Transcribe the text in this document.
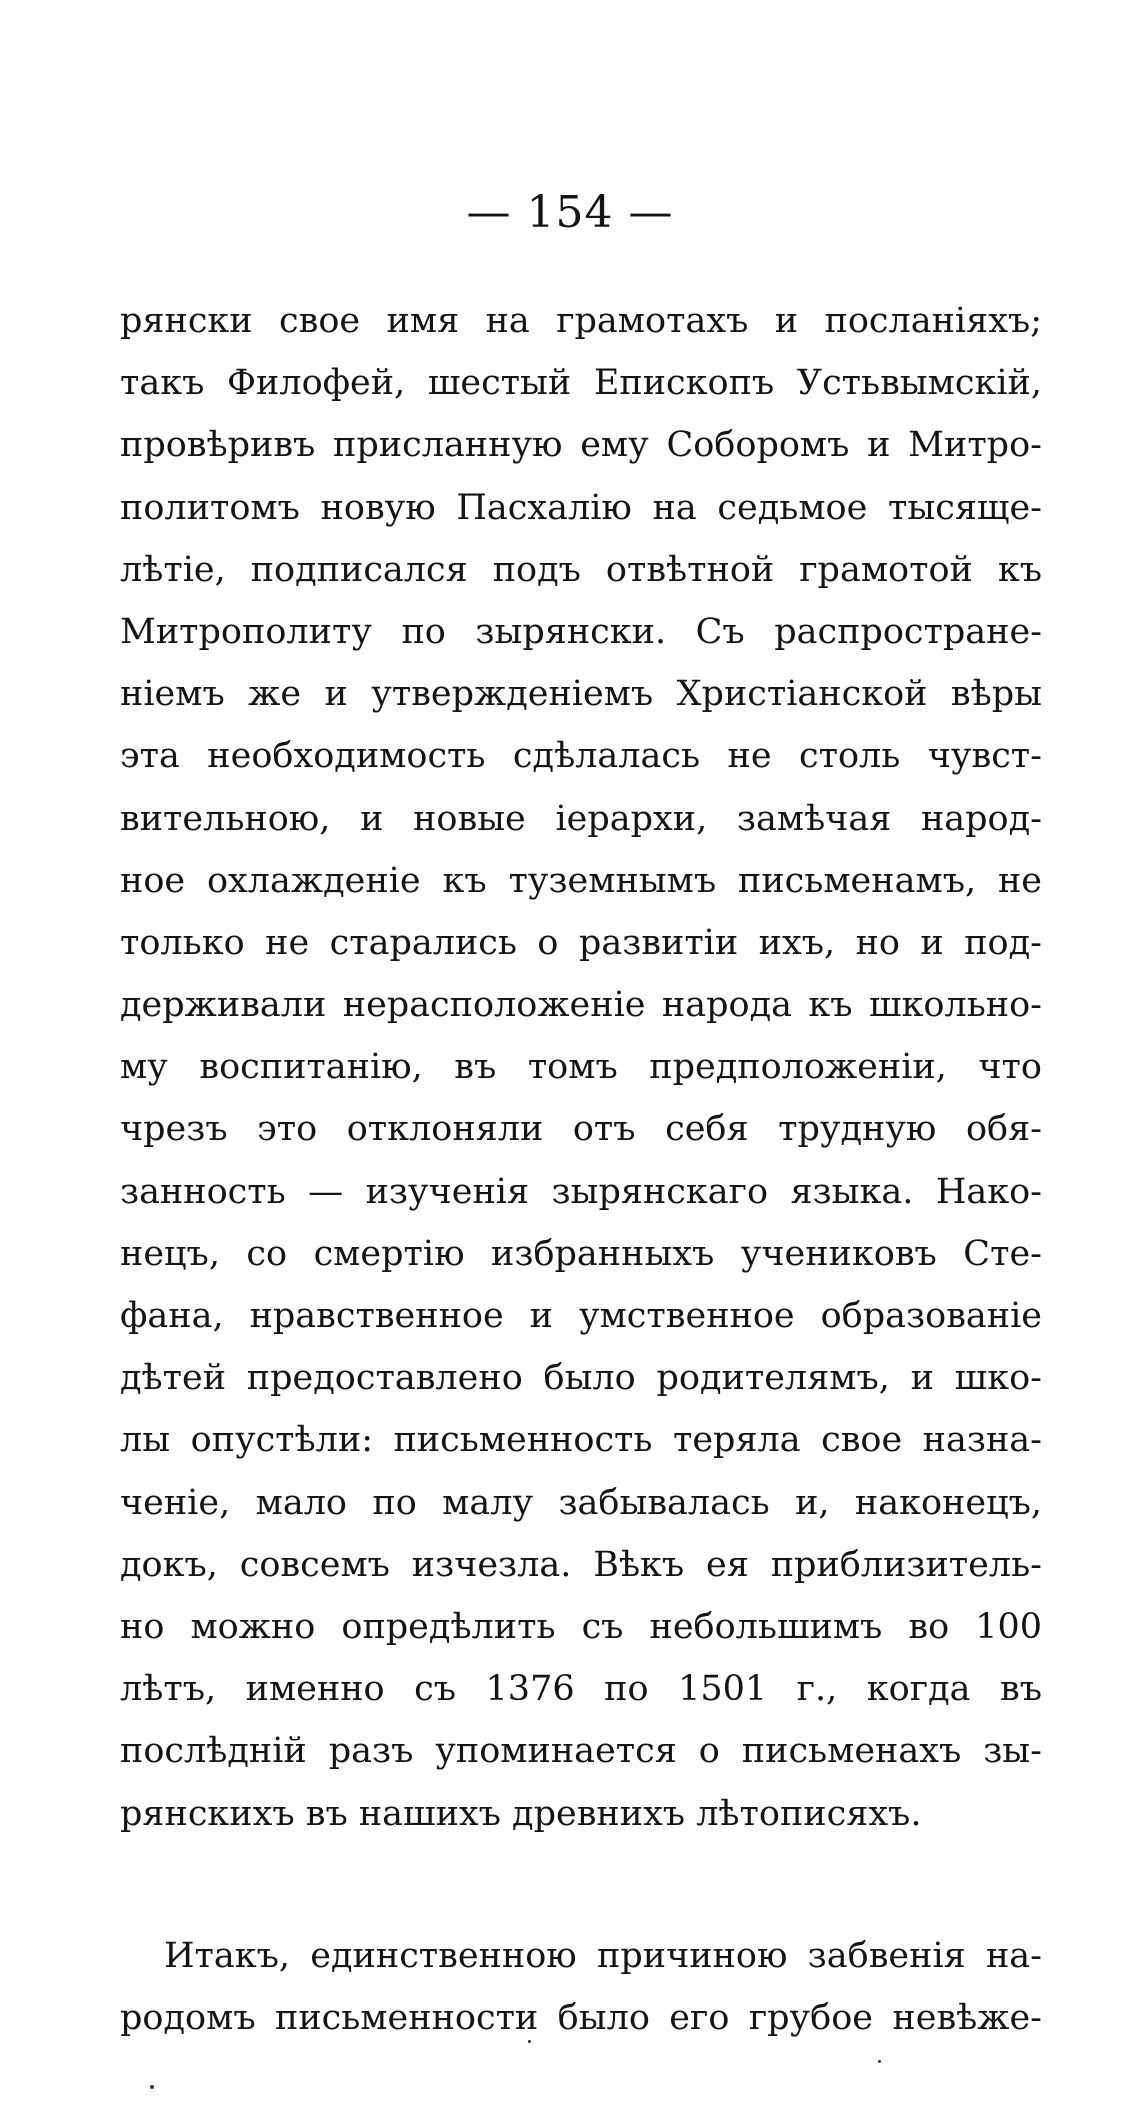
— 154 —
рянски свое имя на грамотахъ и посланіяхъ;
такъ Филофей, шестый Епископъ Устьвымскій,
провѣривъ присланную ему Соборомъ и Митро-
политомъ новую Пасхалію на седьмое тысяще-
лѣтіе, подписался подъ отвѣтной грамотой къ
Митрополиту по зырянски. Съ распростране-
ніемъ же и утвержденіемъ Христіанской вѣры
эта необходимость сдѣлалась не столь чувст-
вительною, и новые іерархи, замѣчая народ-
ное охлажденіе къ туземнымъ письменамъ, не
только не старались о развитіи ихъ, но и под-
держивали нерасположеніе народа къ школьно-
му воспитанію, въ томъ предположеніи, что
чрезъ это отклоняли отъ себя трудную обя-
занность — изученія зырянскаго языка. Нако-
нецъ, со смертію избранныхъ учениковъ Сте-
фана, нравственное и умственное образованіе
дѣтей предоставлено было родителямъ, и шко-
лы опустѣли: письменность теряла свое назна-
ченіе, мало по малу забывалась и, наконецъ,
докъ, совсемъ изчезла. Вѣкъ ея приблизитель-
но можно опредѣлить съ небольшимъ во 100
лѣтъ, именно съ 1376 по 1501 г., когда въ
послѣдній разъ упоминается о письменахъ зы-
рянскихъ въ нашихъ древнихъ лѣтописяхъ.
Итакъ, единственною причиною забвенія на-
родомъ письменности было его грубое невѣже-
